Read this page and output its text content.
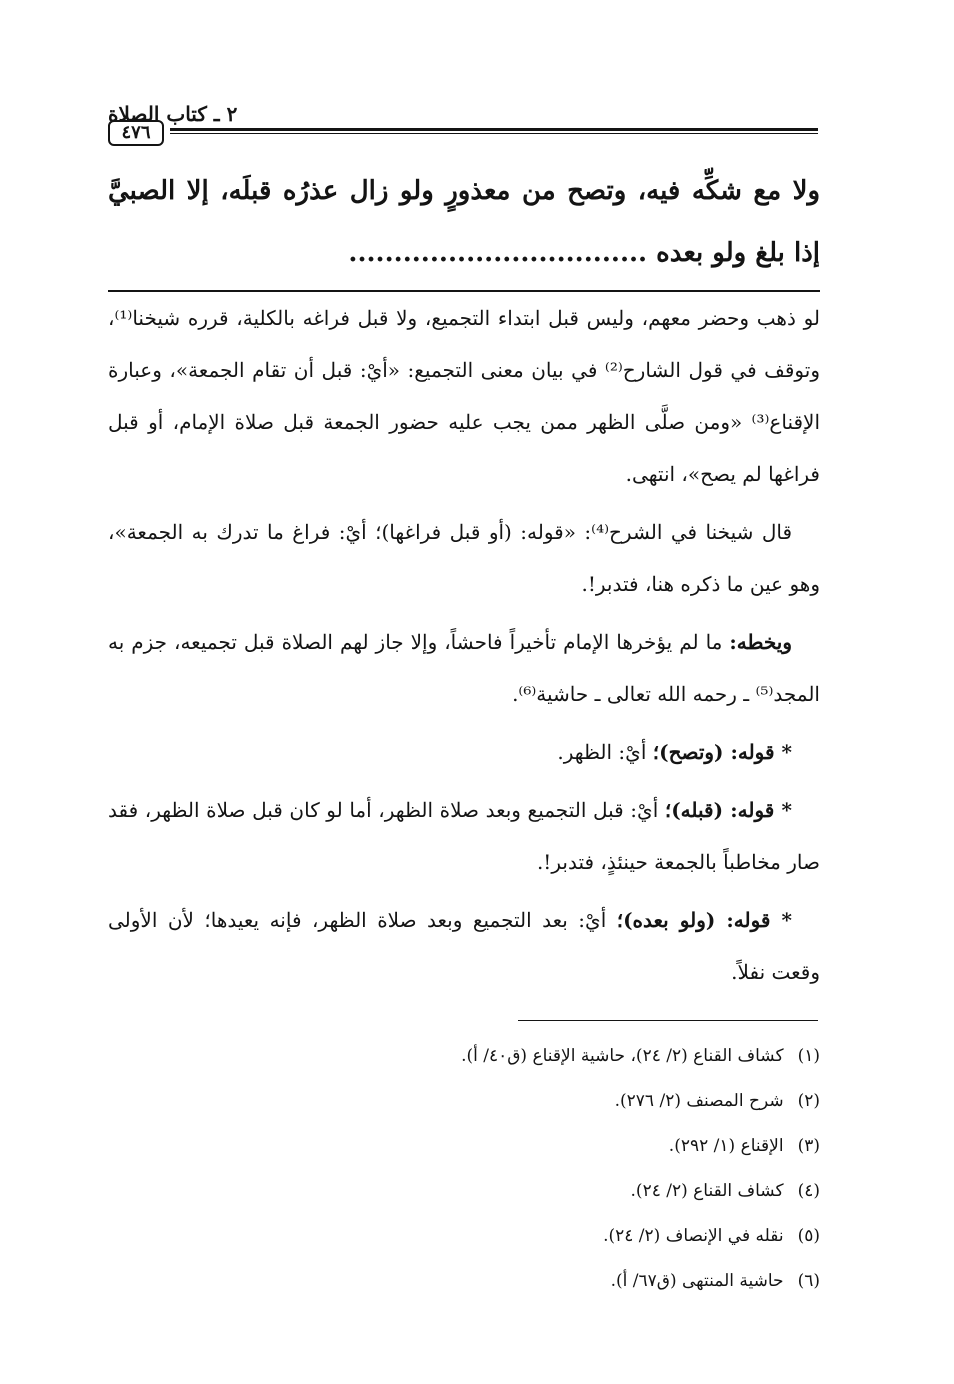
٢ ـ كتاب الصلاة
٤٧٦
ولا مع شكِّه فيه، وتصح من معذورٍ ولو زال عذرُه قبلَه، إلا الصبيَّ إذا بلغ ولو بعده .................................

لو ذهب وحضر معهم، وليس قبل ابتداء التجميع، ولا قبل فراغه بالكلية، قرره شيخنا⁽¹⁾، وتوقف في قول الشارح⁽²⁾ في بيان معنى التجميع: «أيْ: قبل أن تقام الجمعة»، وعبارة الإقناع⁽³⁾ «ومن صلَّى الظهر ممن يجب عليه حضور الجمعة قبل صلاة الإمام، أو قبل فراغها لم يصح»، انتهى.

قال شيخنا في الشرح⁽⁴⁾: «قوله: (أو قبل فراغها)؛ أيْ: فراغ ما تدرك به الجمعة»، وهو عين ما ذكره هنا، فتدبر!.

ويخطه: ما لم يؤخرها الإمام تأخيراً فاحشاً، وإلا جاز لهم الصلاة قبل تجميعه، جزم به المجد⁽⁵⁾ ـ رحمه الله تعالى ـ حاشية⁽⁶⁾.

* قوله: (وتصح)؛ أيْ: الظهر.

* قوله: (قبله)؛ أيْ: قبل التجميع وبعد صلاة الظهر، أما لو كان قبل صلاة الظهر، فقد صار مخاطباً بالجمعة حينئذٍ، فتدبر!.

* قوله: (ولو بعده)؛ أيْ: بعد التجميع وبعد صلاة الظهر، فإنه يعيدها؛ لأن الأولى وقعت نفلاً.

(١)كشاف القناع (٢/ ٢٤)، حاشية الإقناع (ق٤٠/ أ).
(٢)شرح المصنف (٢/ ٢٧٦).
(٣)الإقناع (١/ ٢٩٢).
(٤)كشاف القناع (٢/ ٢٤).
(٥)نقله في الإنصاف (٢/ ٢٤).
(٦)حاشية المنتهى (ق٦٧/ أ).
